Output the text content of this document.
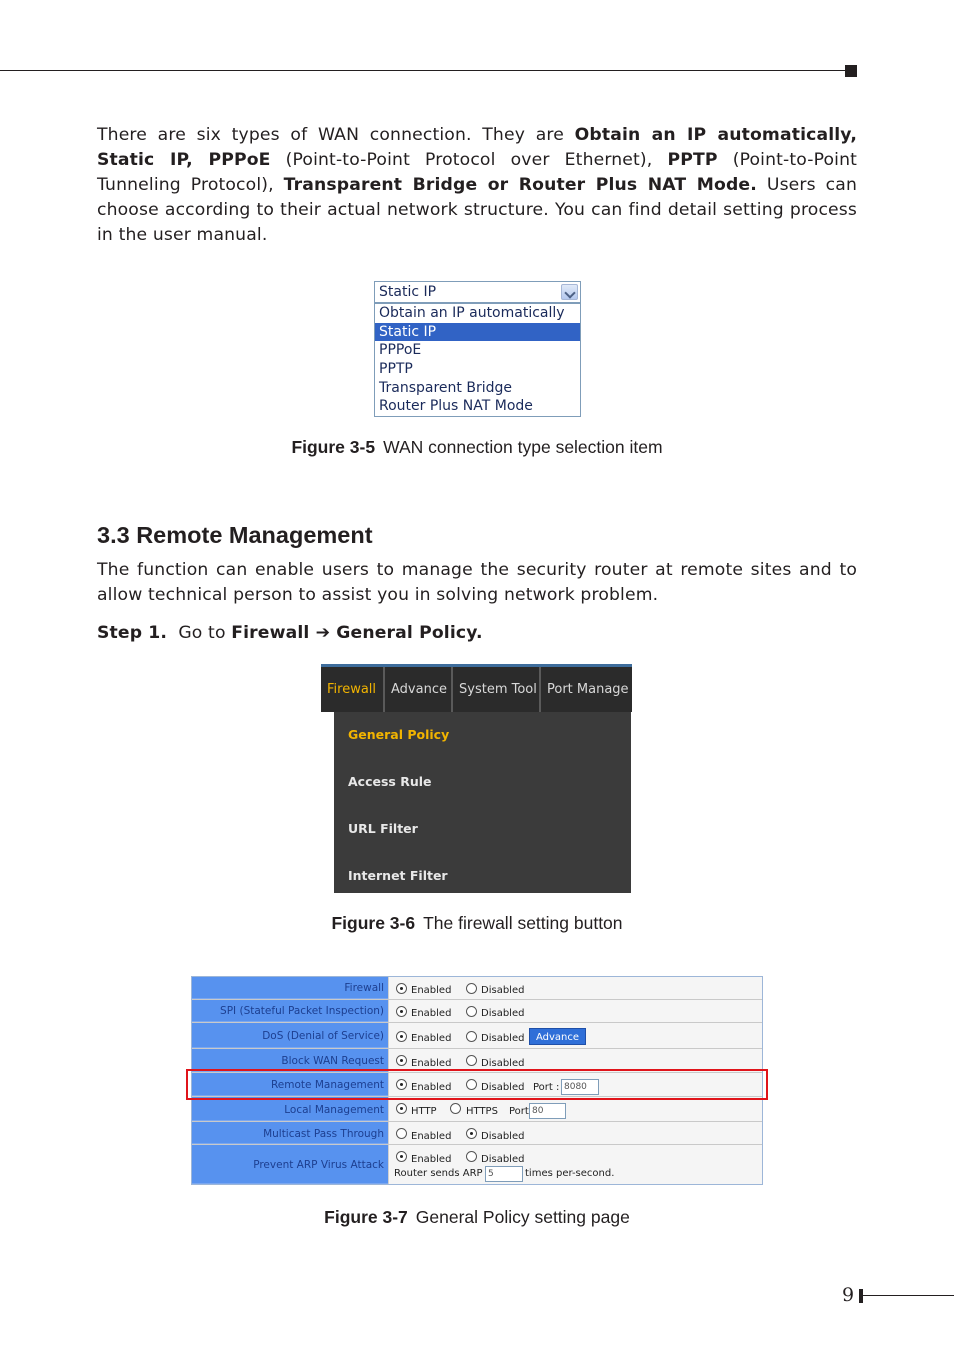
There are six types of WAN connection. They are Obtain an IP automatically, Static IP, PPPoE (Point-to-Point Protocol over Ethernet), PPTP (Point-to-Point Tunneling Protocol), Transparent Bridge or Router Plus NAT Mode. Users can choose according to their actual network structure. You can find detail setting process in the user manual.

Static IP
Obtain an IP automatically
Static IP
PPPoE
PPTP
Transparent Bridge
Router Plus NAT Mode
Figure 3-5 WAN connection type selection item
3.3 Remote Management

The function can enable users to manage the security router at remote sites and to allow technical person to assist you in solving network problem.

Step 1. Go to Firewall ➔ General Policy.

Firewall	Advance System Tool Port Manage
General Policy
Access Rule
URL Filter
Internet Filter
Figure 3-6 The firewall setting button
Firewall	Enabled	Disabled
SPI (Stateful Packet Inspection)	Enabled	Disabled
DoS (Denial of Service)	Enabled	Disabled	Advance
Block WAN Request	Enabled	Disabled
Remote Management	Enabled	Disabled Port : 8080
Local Management	HTTP	HTTPS Port 80
Multicast Pass Through	Enabled	Disabled
Prevent ARP Virus Attack	Enabled	Disabled
Router sends ARP 5	times per-second.
Figure 3-7 General Policy setting page
9
